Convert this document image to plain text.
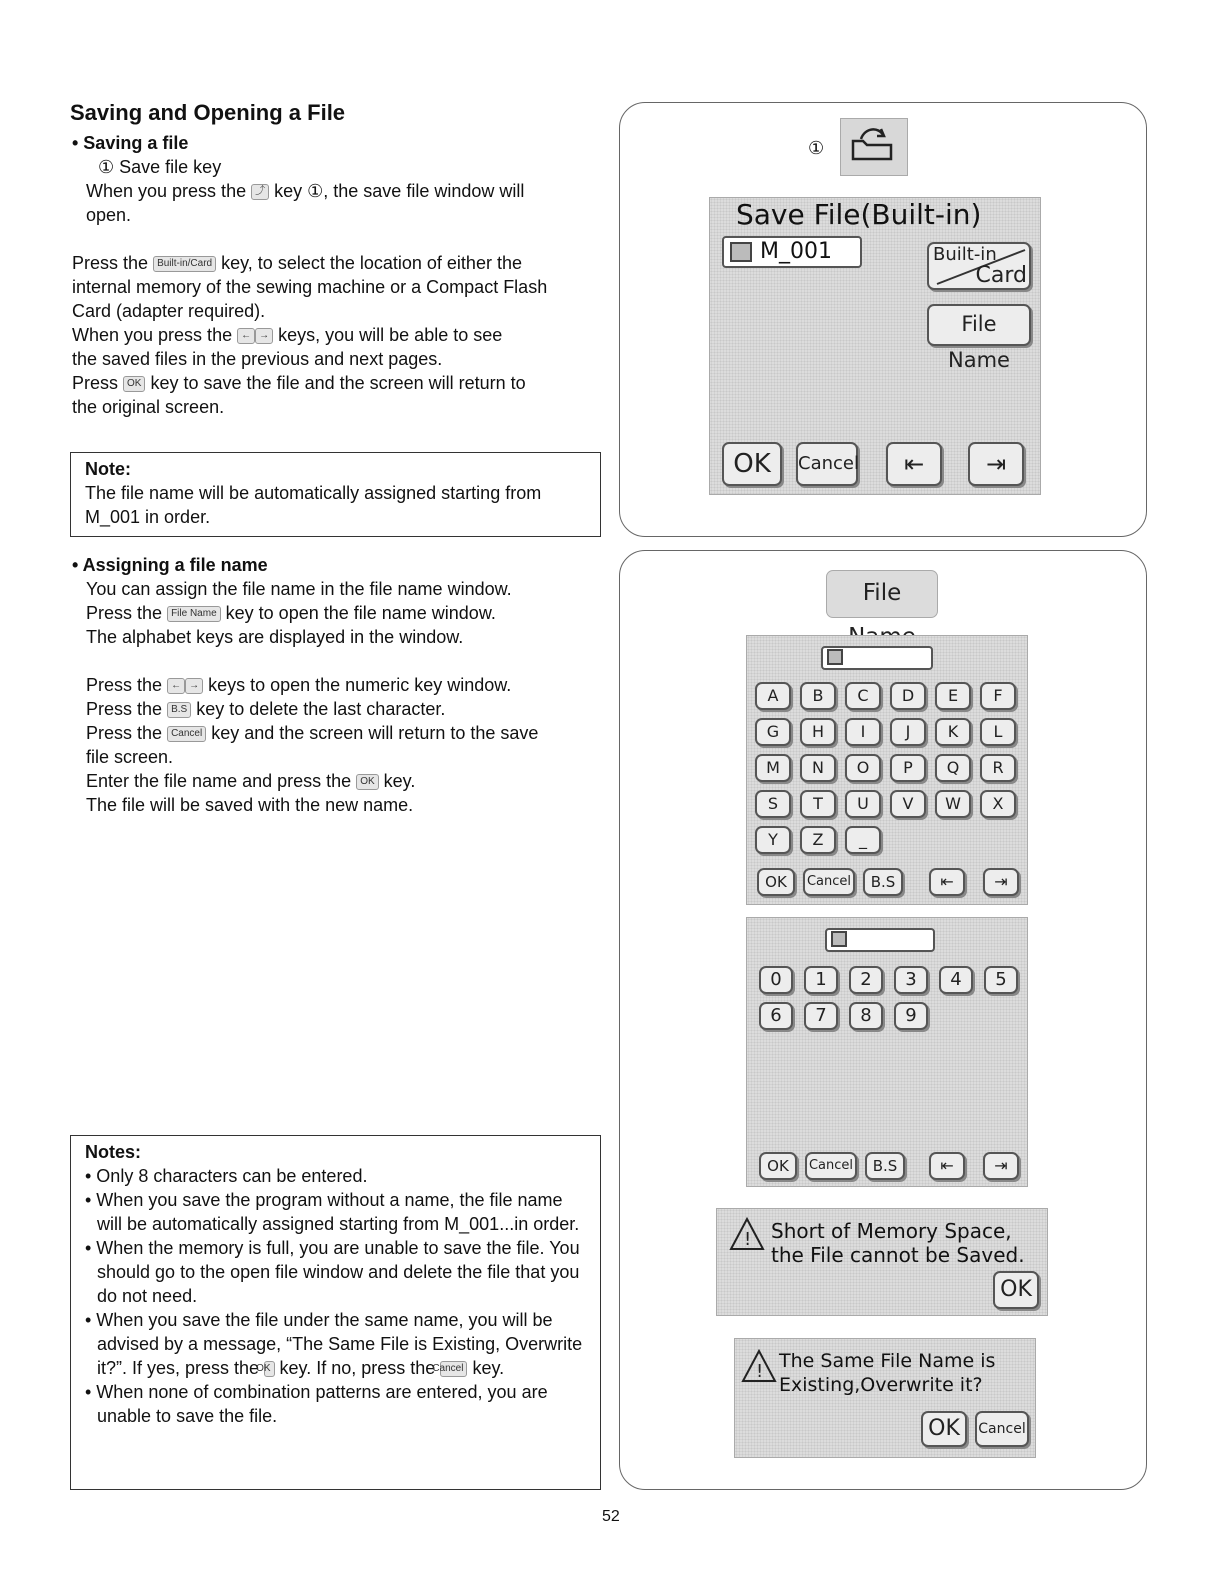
Saving and Opening a File
• Saving a file
① Save file key
When you press the ⤴ key ①, the save file window will
open.
Press the Built-in/Card key, to select the location of either the
internal memory of the sewing machine or a Compact Flash
Card (adapter required).
When you press the ← → keys, you will be able to see
the saved files in the previous and next pages.
Press OK key to save the file and the screen will return to
the original screen.
Note:
The file name will be automatically assigned starting from
M_001 in order.
• Assigning a file name
You can assign the file name in the file name window.
Press the File Name key to open the file name window.
The alphabet keys are displayed in the window.

Press the ← → keys to open the numeric key window.
Press the B.S key to delete the last character.
Press the Cancel key and the screen will return to the save
file screen.
Enter the file name and press the OK key.
The file will be saved with the new name.
Notes:
• Only 8 characters can be entered.
• When you save the program without a name, the file name will be automatically assigned starting from M_001...in order.
• When the memory is full, you are unable to save the file. You should go to the open file window and delete the file that you do not need.
• When you save the file under the same name, you will be advised by a message, “The Same File is Existing, Overwrite it?”. If yes, press the OK key. If no, press the Cancel key.
• When none of combination patterns are entered, you are unable to save the file.
①
Save File(Built-in)
M_001	Built-in
Card
File Name
OK	Cancel	⇤	⇥
File
A	B	C	D	E	F
G	H	I	J	K	L
M	N	O	P	Q	R
S	T	U	V	W	X
Y	Z	_
OK	Cancel	B.S	⇤	⇥
0	1	2	3	4	5
6	7	8	9
OK	Cancel	B.S	⇤	⇥
! Short of Memory Space,
the File cannot be Saved.
OK
! The Same File Name is
Existing,Overwrite it?
OK	Cancel
52
